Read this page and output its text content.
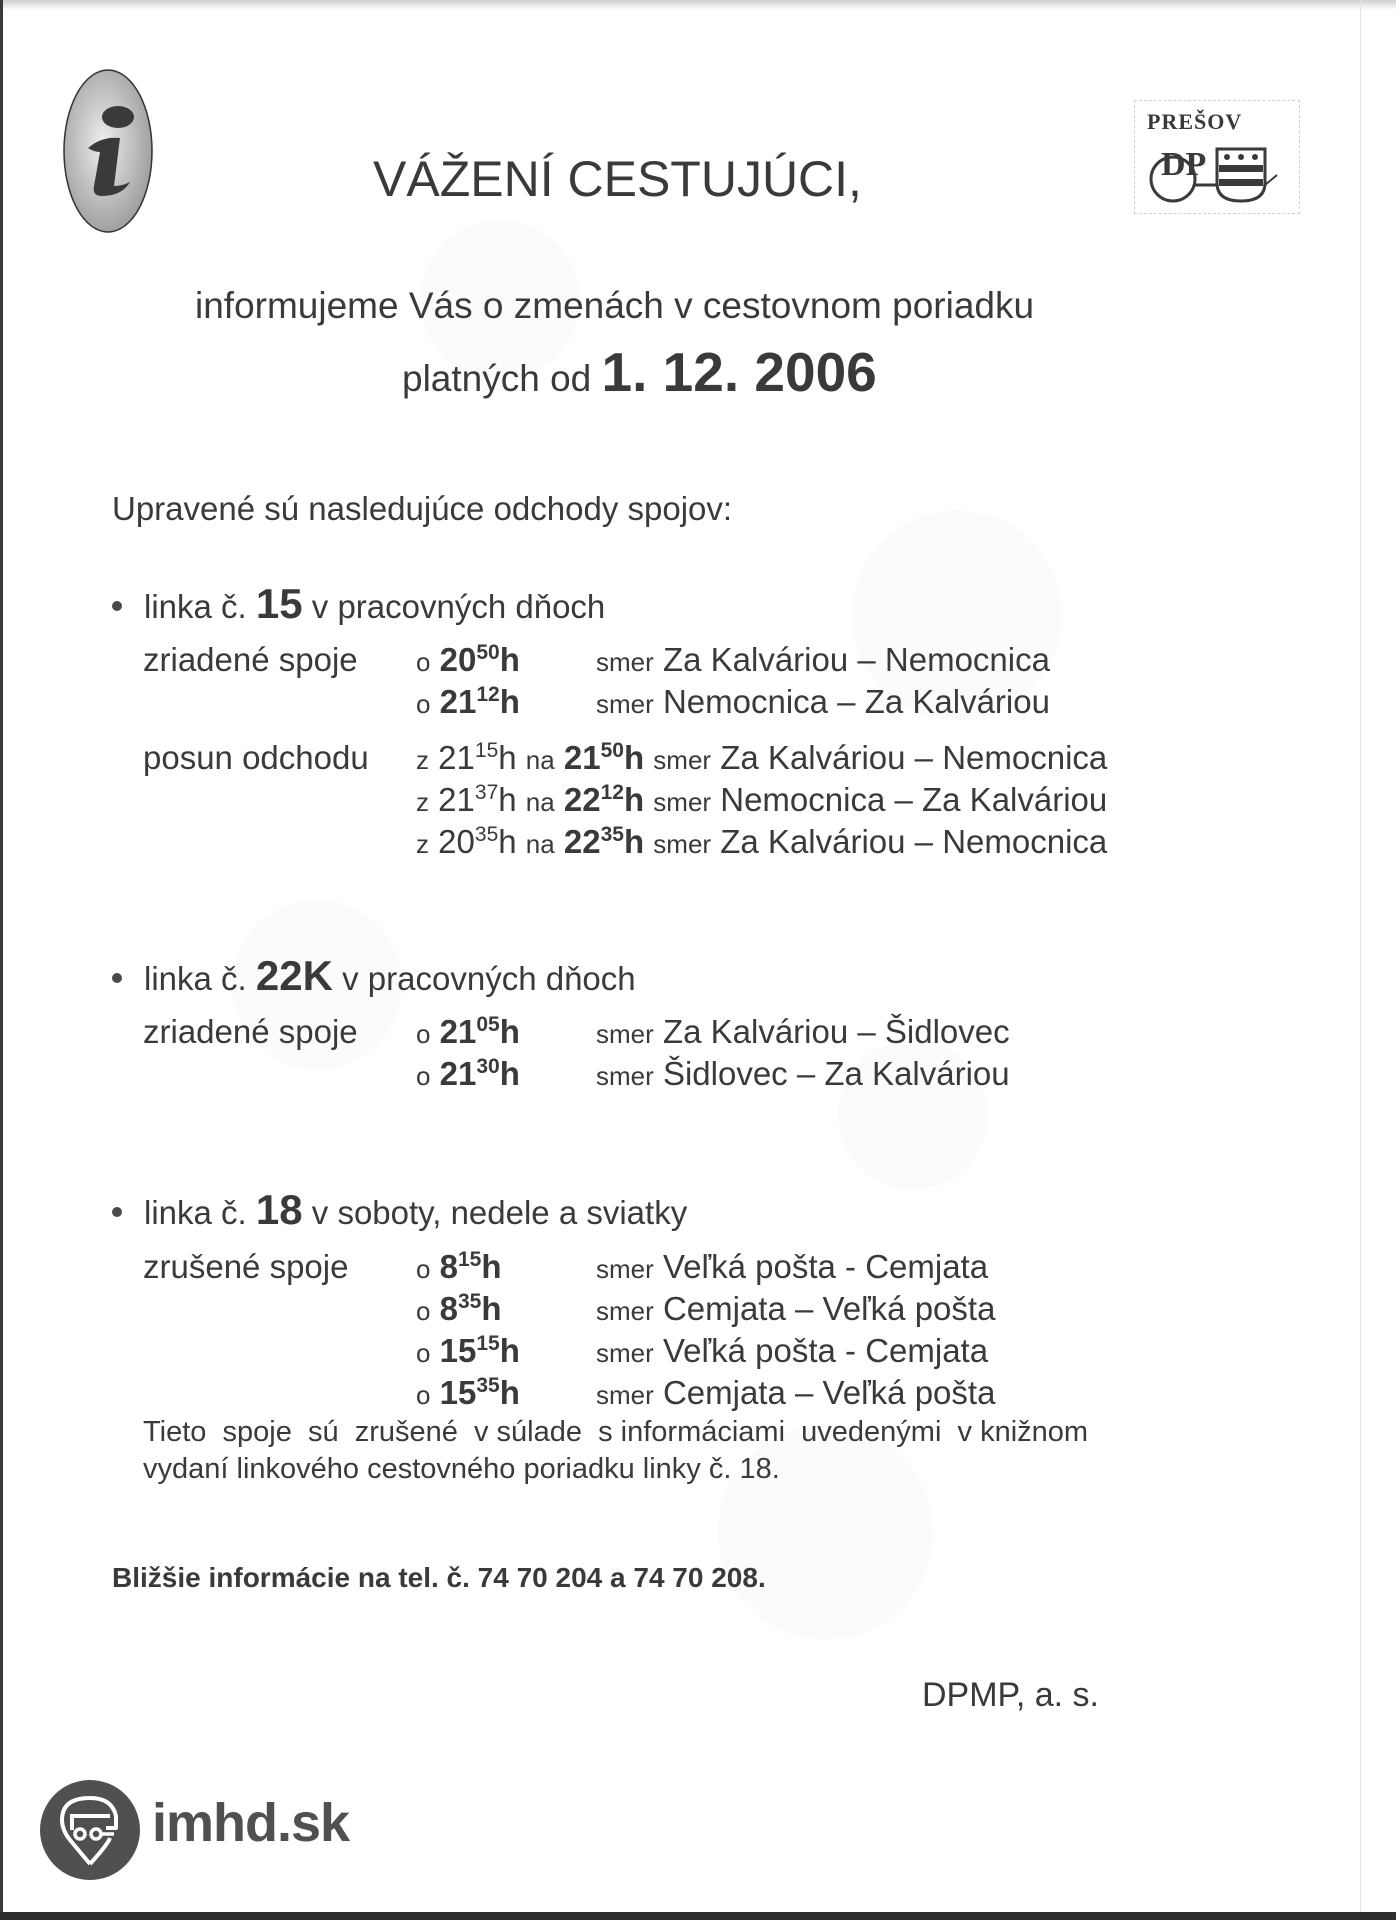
VÁŽENÍ CESTUJÚCI,
PREŠOV
DP
informujeme Vás o zmenách v cestovnom poriadku
platných od 1. 12. 2006
Upravené sú nasledujúce odchody spojov:
linka č. 15 v pracovných dňoch
zriadené spoje o $20^{50}h$	smer Za Kalváriou – Nemocnica
o $21^{12}h$	smer Nemocnica – Za Kalváriou
posun odchodu z $21^{15}h$ na $21^{50}h$ smer Za Kalváriou – Nemocnica
z $21^{37}h$ na $22^{12}h$ smer Nemocnica – Za Kalváriou
z $20^{35}h$ na $22^{35}h$ smer Za Kalváriou – Nemocnica
linka č. 22K v pracovných dňoch
zriadené spoje o $21^{05}h$	smer Za Kalváriou – Šidlovec
o $21^{30}h$	smer Šidlovec – Za Kalváriou
linka č. 18 v soboty, nedele a sviatky
zrušené spoje	o $8^{15}h$	smer Veľká pošta - Cemjata
o $8^{35}h$	smer Cemjata – Veľká pošta
o $15^{15}h$	smer Veľká pošta - Cemjata
o $15^{35}h$	smer Cemjata – Veľká pošta
Tieto  spoje  sú  zrušené  v súlade  s informáciami  uvedenými  v knižnom
vydaní linkového cestovného poriadku linky č. 18.
Bližšie informácie na tel. č. 74 70 204 a 74 70 208.
DPMP, a. s.
imhd.sk
